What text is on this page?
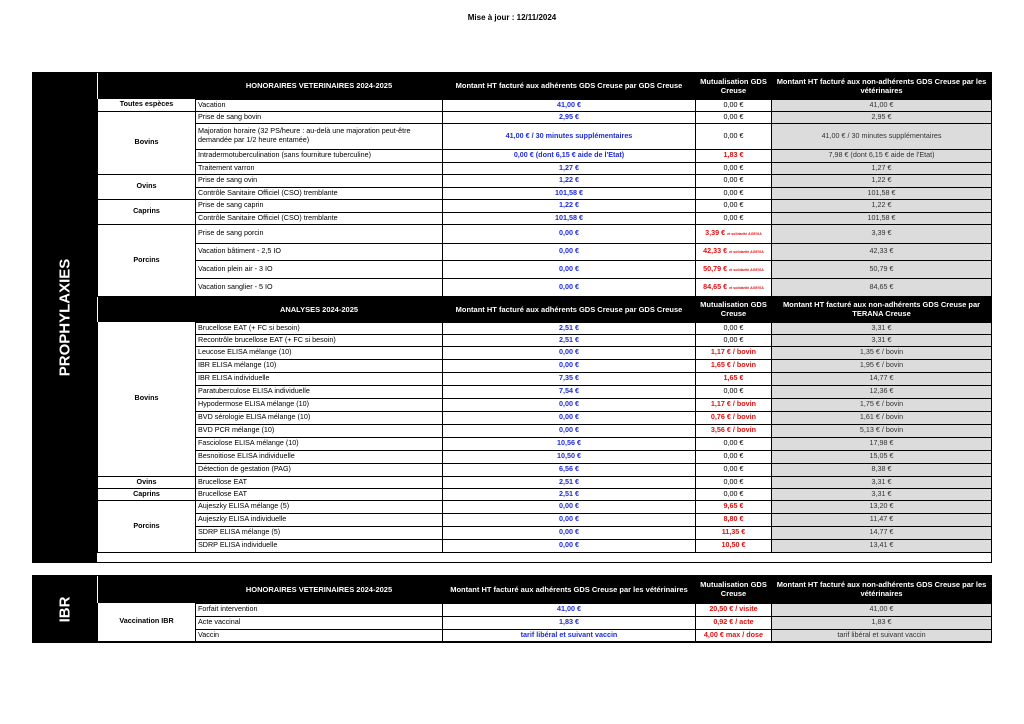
Mise à jour : 12/11/2024
PROPHYLAXIES
	HONORAIRES VETERINAIRES 2024-2025	Montant HT facturé aux adhérents GDS Creuse par GDS Creuse	Mutualisation GDS Creuse	Montant HT facturé aux non-adhérents GDS Creuse par les vétérinaires
Toutes espèces	Vacation	41,00 €	0,00 €	41,00 €
Bovins	Prise de sang bovin	2,95 €	0,00 €	2,95 €
	Majoration horaire (32 PS/heure : au-delà une majoration peut-être demandée par 1/2 heure entamée)	41,00 € / 30 minutes supplémentaires	0,00 €	41,00 € / 30 minutes supplémentaires
	Intradermotuberculination (sans fourniture tuberculine)	0,00 € (dont 6,15 € aide de l'Etat)	1,83 €	7,98 € (dont 6,15 € aide de l'Etat)
	Traitement varron	1,27 €	0,00 €	1,27 €
Ovins	Prise de sang ovin	1,22 €	0,00 €	1,22 €
	Contrôle Sanitaire Officiel (CSO) tremblante	101,58 €	0,00 €	101,58 €
Caprins	Prise de sang caprin	1,22 €	0,00 €	1,22 €
	Contrôle Sanitaire Officiel (CSO) tremblante	101,58 €	0,00 €	101,58 €
Porcins	Prise de sang porcin	0,00 €	3,39 € et solidarité AGEVIA	3,39 €
	Vacation bâtiment - 2,5 IO	0,00 €	42,33 € et solidarité AGEVIA	42,33 €
	Vacation plein air - 3 IO	0,00 €	50,79 € et solidarité AGEVIA	50,79 €
	Vacation sanglier - 5 IO	0,00 €	84,65 € et solidarité AGEVIA	84,65 €
	ANALYSES 2024-2025	Montant HT facturé aux adhérents GDS Creuse par GDS Creuse	Mutualisation GDS Creuse	Montant HT facturé aux non-adhérents GDS Creuse par TERANA Creuse
Bovins	Brucellose EAT (+ FC si besoin)	2,51 €	0,00 €	3,31 €
	Recontrôle brucellose EAT (+ FC si besoin)	2,51 €	0,00 €	3,31 €
	Leucose ELISA mélange (10)	0,00 €	1,17 € / bovin	1,35 € / bovin
	IBR ELISA mélange (10)	0,00 €	1,65 € / bovin	1,95 € / bovin
	IBR ELISA individuelle	7,35 €	1,65 €	14,77 €
	Paratuberculose ELISA individuelle	7,54 €	0,00 €	12,36 €
	Hypodermose ELISA mélange (10)	0,00 €	1,17 € / bovin	1,75 € / bovin
	BVD sérologie ELISA mélange (10)	0,00 €	0,76 € / bovin	1,61 € / bovin
	BVD PCR mélange (10)	0,00 €	3,56 € / bovin	5,13 € / bovin
	Fasciolose ELISA mélange (10)	10,56 €	0,00 €	17,98 €
	Besnoitiose ELISA individuelle	10,50 €	0,00 €	15,05 €
	Détection de gestation (PAG)	6,56 €	0,00 €	8,38 €
Ovins	Brucellose EAT	2,51 €	0,00 €	3,31 €
Caprins	Brucellose EAT	2,51 €	0,00 €	3,31 €
Porcins	Aujeszky ELISA mélange (5)	0,00 €	9,65 €	13,20 €
	Aujeszky ELISA individuelle	0,00 €	8,80 €	11,47 €
	SDRP ELISA mélange (5)	0,00 €	11,35 €	14,77 €
	SDRP ELISA individuelle	0,00 €	10,50 €	13,41 €
IBR
	HONORAIRES VETERINAIRES 2024-2025	Montant HT facturé aux adhérents GDS Creuse par les vétérinaires	Mutualisation GDS Creuse	Montant HT facturé aux non-adhérents GDS Creuse par les vétérinaires
Vaccination IBR	Forfait intervention	41,00 €	20,50 € / visite	41,00 €
	Acte vaccinal	1,83 €	0,92 € / acte	1,83 €
	Vaccin	tarif libéral et suivant vaccin	4,00 € max / dose	tarif libéral et suivant vaccin
